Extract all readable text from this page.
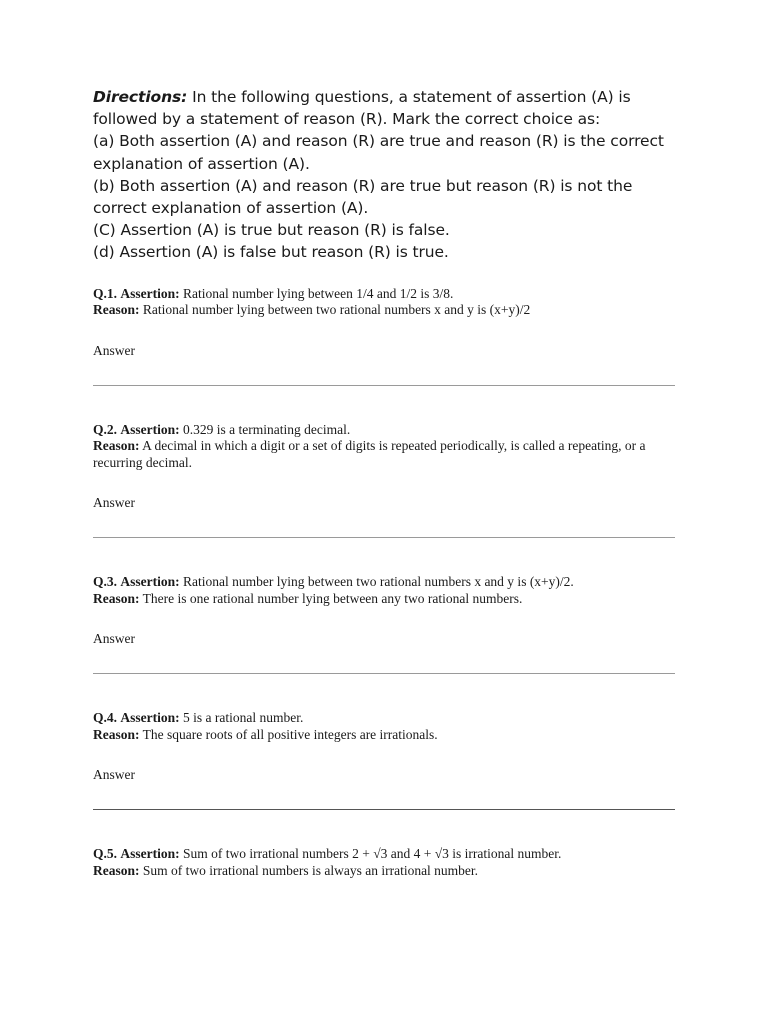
Directions: In the following questions, a statement of assertion (A) is
followed by a statement of reason (R). Mark the correct choice as:
(a) Both assertion (A) and reason (R) are true and reason (R) is the correct
explanation of assertion (A).
(b) Both assertion (A) and reason (R) are true but reason (R) is not the
correct explanation of assertion (A).
(C) Assertion (A) is true but reason (R) is false.
(d) Assertion (A) is false but reason (R) is true.
Q.1. Assertion: Rational number lying between 1/4 and 1/2 is 3/8.
Reason: Rational number lying between two rational numbers x and y is (x+y)/2
Answer
Q.2. Assertion: 0.329 is a terminating decimal.
Reason: A decimal in which a digit or a set of digits is repeated periodically, is called a repeating, or a recurring decimal.
Answer
Q.3. Assertion: Rational number lying between two rational numbers x and y is (x+y)/2.
Reason: There is one rational number lying between any two rational numbers.
Answer
Q.4. Assertion: 5 is a rational number.
Reason: The square roots of all positive integers are irrationals.
Answer
Q.5. Assertion: Sum of two irrational numbers 2 + √3 and 4 + √3 is irrational number.
Reason: Sum of two irrational numbers is always an irrational number.
